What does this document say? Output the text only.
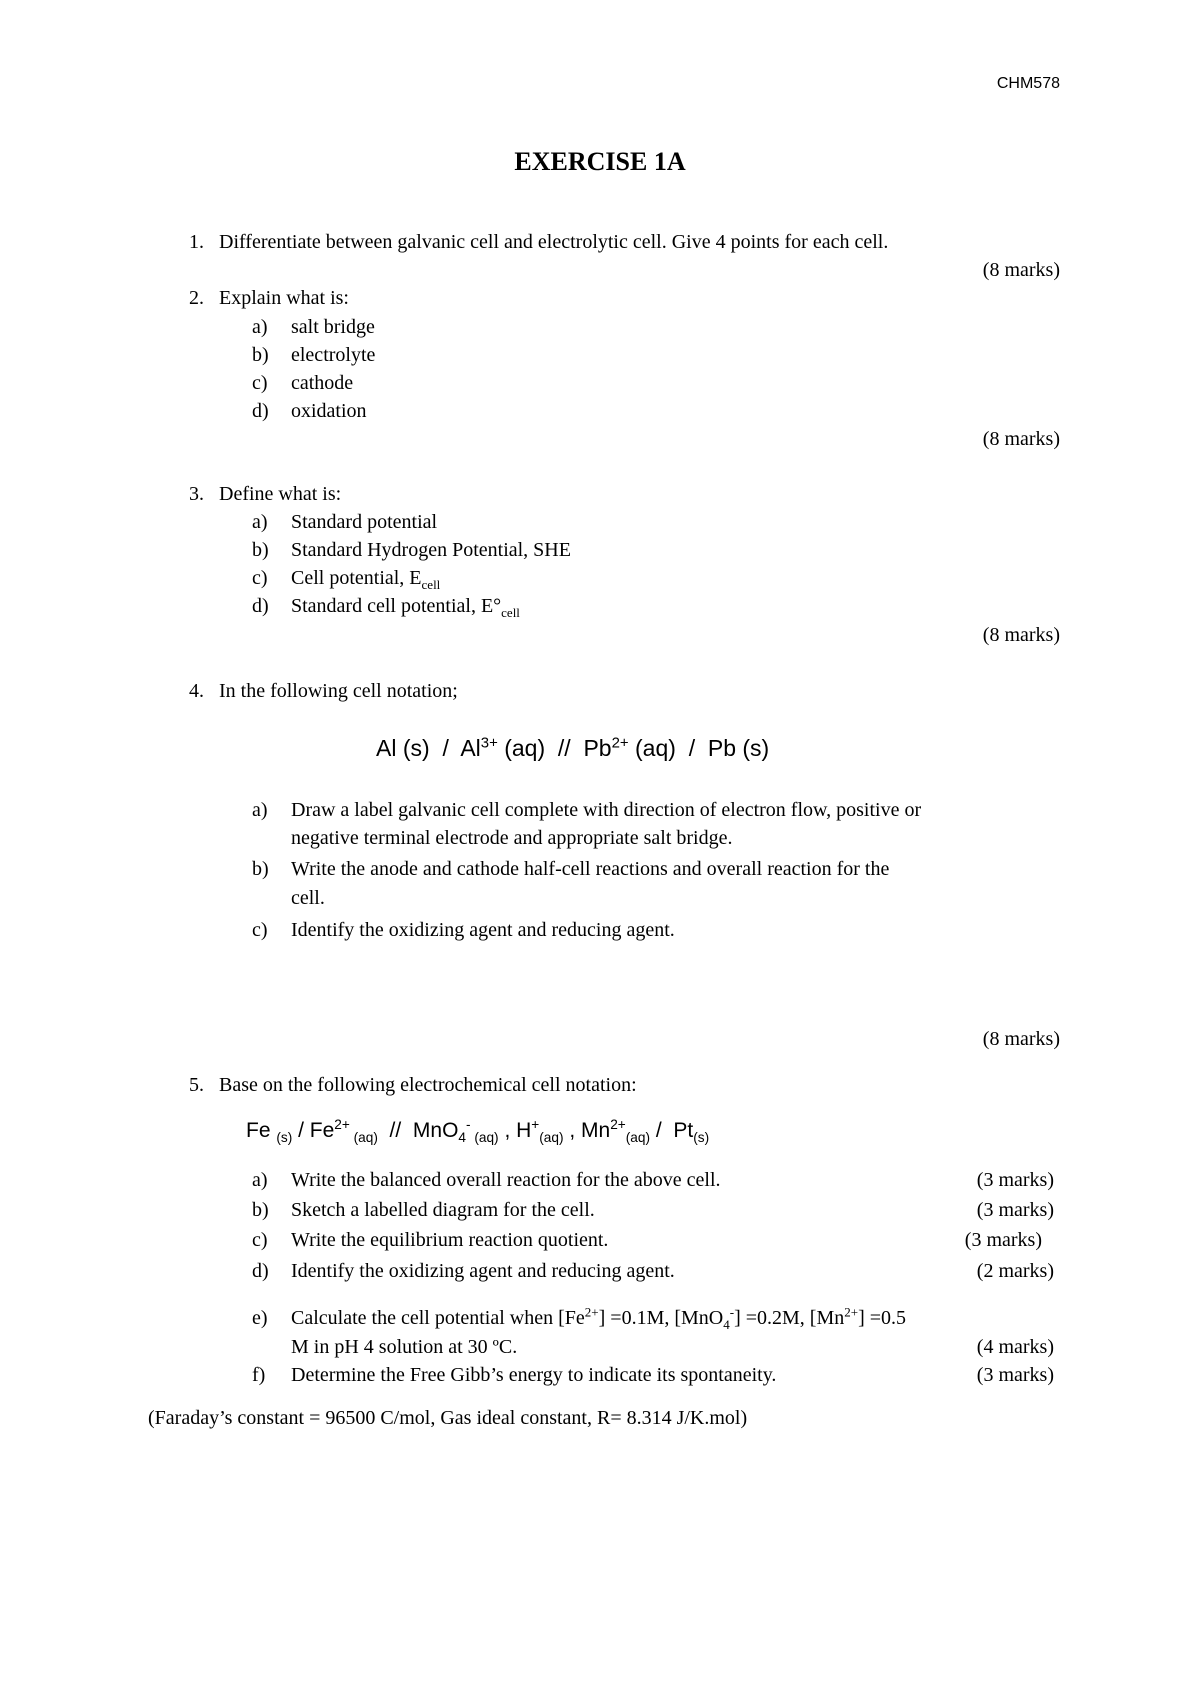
CHM578
EXERCISE 1A
1. Differentiate between galvanic cell and electrolytic cell. Give 4 points for each cell.
(8 marks)
2. Explain what is:
a) salt bridge
b) electrolyte
c) cathode
d) oxidation
(8 marks)
3. Define what is:
a) Standard potential
b) Standard Hydrogen Potential, SHE
c) Cell potential, $E_{cell}$
d) Standard cell potential, $E^\circ_{cell}$
(8 marks)
4. In the following cell notation;
Al $(s) / Al^{3+}$ $(aq) // Pb^{2+}$ (aq)  /  Pb (s)
a) Draw a label galvanic cell complete with direction of electron flow, positive or
negative terminal electrode and appropriate salt bridge.
b) Write the anode and cathode half-cell reactions and overall reaction for the
cell.
c) Identify the oxidizing agent and reducing agent.
(8 marks)
5. Base on the following electrochemical cell notation:
Fe $_{(s)} / Fe^{2+}$ $_{(aq)}$  //  MnO$_4$- $_{(aq)}$ , $H^+_{(aq)}$ , $Mn^{2+}_{(aq)} / Pt_{(s)}$
a) Write the balanced overall reaction for the above cell.	(3 marks)
b) Sketch a labelled diagram for the cell.	(3 marks)
c) Write the equilibrium reaction quotient.	(3 marks)
d) Identify the oxidizing agent and reducing agent.	(2 marks)
e) Calculate the cell potential when $[Fe^{2+}] =0.1M$, [MnO$_4$-] =0.2M, $[Mn^{2+}] =0.5$
M in pH 4 solution at 30 ºC.	(4 marks)
f) Determine the Free Gibb’s energy to indicate its spontaneity.	(3 marks)
(Faraday’s constant = 96500 C/mol, Gas ideal constant, R= 8.314 J/K.mol)
